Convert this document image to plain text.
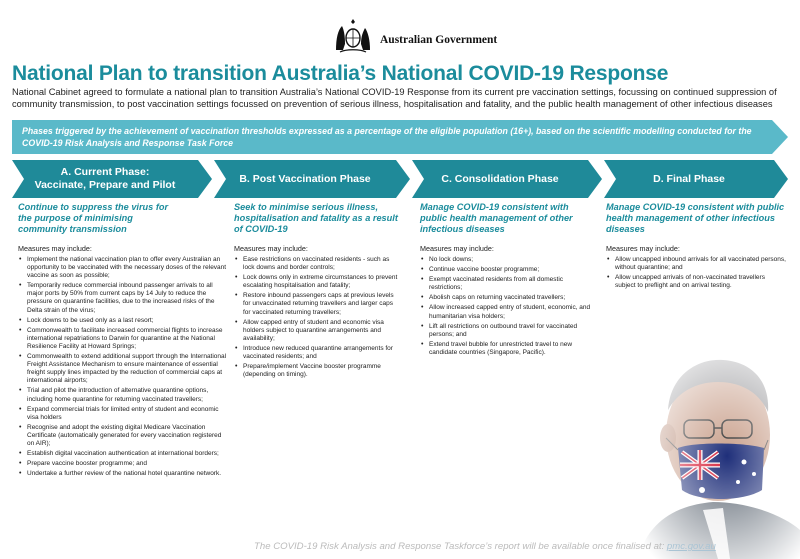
Australian Government
National Plan to transition Australia’s National COVID-19 Response

National Cabinet agreed to formulate a national plan to transition Australia’s National COVID-19 Response from its current pre vaccination settings, focussing on continued suppression of community transmission, to post vaccination settings focussed on prevention of serious illness, hospitalisation and fatality, and the public health management of other infectious diseases

Phases triggered by the achievement of vaccination thresholds expressed as a percentage of the eligible population (16+), based on the scientific modelling conducted for the COVID-19 Risk Analysis and Response Task Force
A. Current Phase:
Vaccinate, Prepare and Pilot
B. Post Vaccination Phase	C. Consolidation Phase	D. Final Phase
Continue to suppress the virus for the purpose of minimising community transmission
Measures may include:
• Implement the national vaccination plan to offer every Australian an opportunity to be vaccinated with the necessary doses of the relevant vaccine as soon as possible;
• Temporarily reduce commercial inbound passenger arrivals to all major ports by 50% from current caps by 14 July to reduce the pressure on quarantine facilities, due to the increased risks of the Delta strain of the virus;
• Lock downs to be used only as a last resort;
• Commonwealth to facilitate increased commercial flights to increase international repatriations to Darwin for quarantine at the National Resilience Facility at Howard Springs;
• Commonwealth to extend additional support through the International Freight Assistance Mechanism to ensure maintenance of essential freight supply lines impacted by the reduction of commercial caps at international airports;
• Trial and pilot the introduction of alternative quarantine options, including home quarantine for returning vaccinated travellers;
• Expand commercial trials for limited entry of student and economic visa holders
• Recognise and adopt the existing digital Medicare Vaccination Certificate (automatically generated for every vaccination registered on AIR);
• Establish digital vaccination authentication at international borders;
• Prepare vaccine booster programme; and
• Undertake a further review of the national hotel quarantine network.
Seek to minimise serious illness, hospitalisation and fatality as a result of COVID-19
Measures may include:
• Ease restrictions on vaccinated residents - such as lock downs and border controls;
• Lock downs only in extreme circumstances to prevent escalating hospitalisation and fatality;
• Restore inbound passengers caps at previous levels for unvaccinated returning travellers and larger caps for vaccinated returning travellers;
• Allow capped entry of student and economic visa holders subject to quarantine arrangements and availability;
• Introduce new reduced quarantine arrangements for vaccinated residents; and
• Prepare/implement Vaccine booster programme (depending on timing).
Manage COVID-19 consistent with public health management of other infectious diseases
Measures may include:
• No lock downs;
• Continue vaccine booster programme;
• Exempt vaccinated residents from all domestic restrictions;
• Abolish caps on returning vaccinated travellers;
• Allow increased capped entry of student, economic, and humanitarian visa holders;
• Lift all restrictions on outbound travel for vaccinated persons; and
• Extend travel bubble for unrestricted travel to new candidate countries (Singapore, Pacific).
Manage COVID-19 consistent with public health management of other infectious diseases
Measures may include:
• Allow uncapped inbound arrivals for all vaccinated persons, without quarantine; and
• Allow uncapped arrivals of non-vaccinated travellers subject to preflight and on arrival testing.
The COVID-19 Risk Analysis and Response Taskforce’s report will be available once finalised at: pmc.gov.au
